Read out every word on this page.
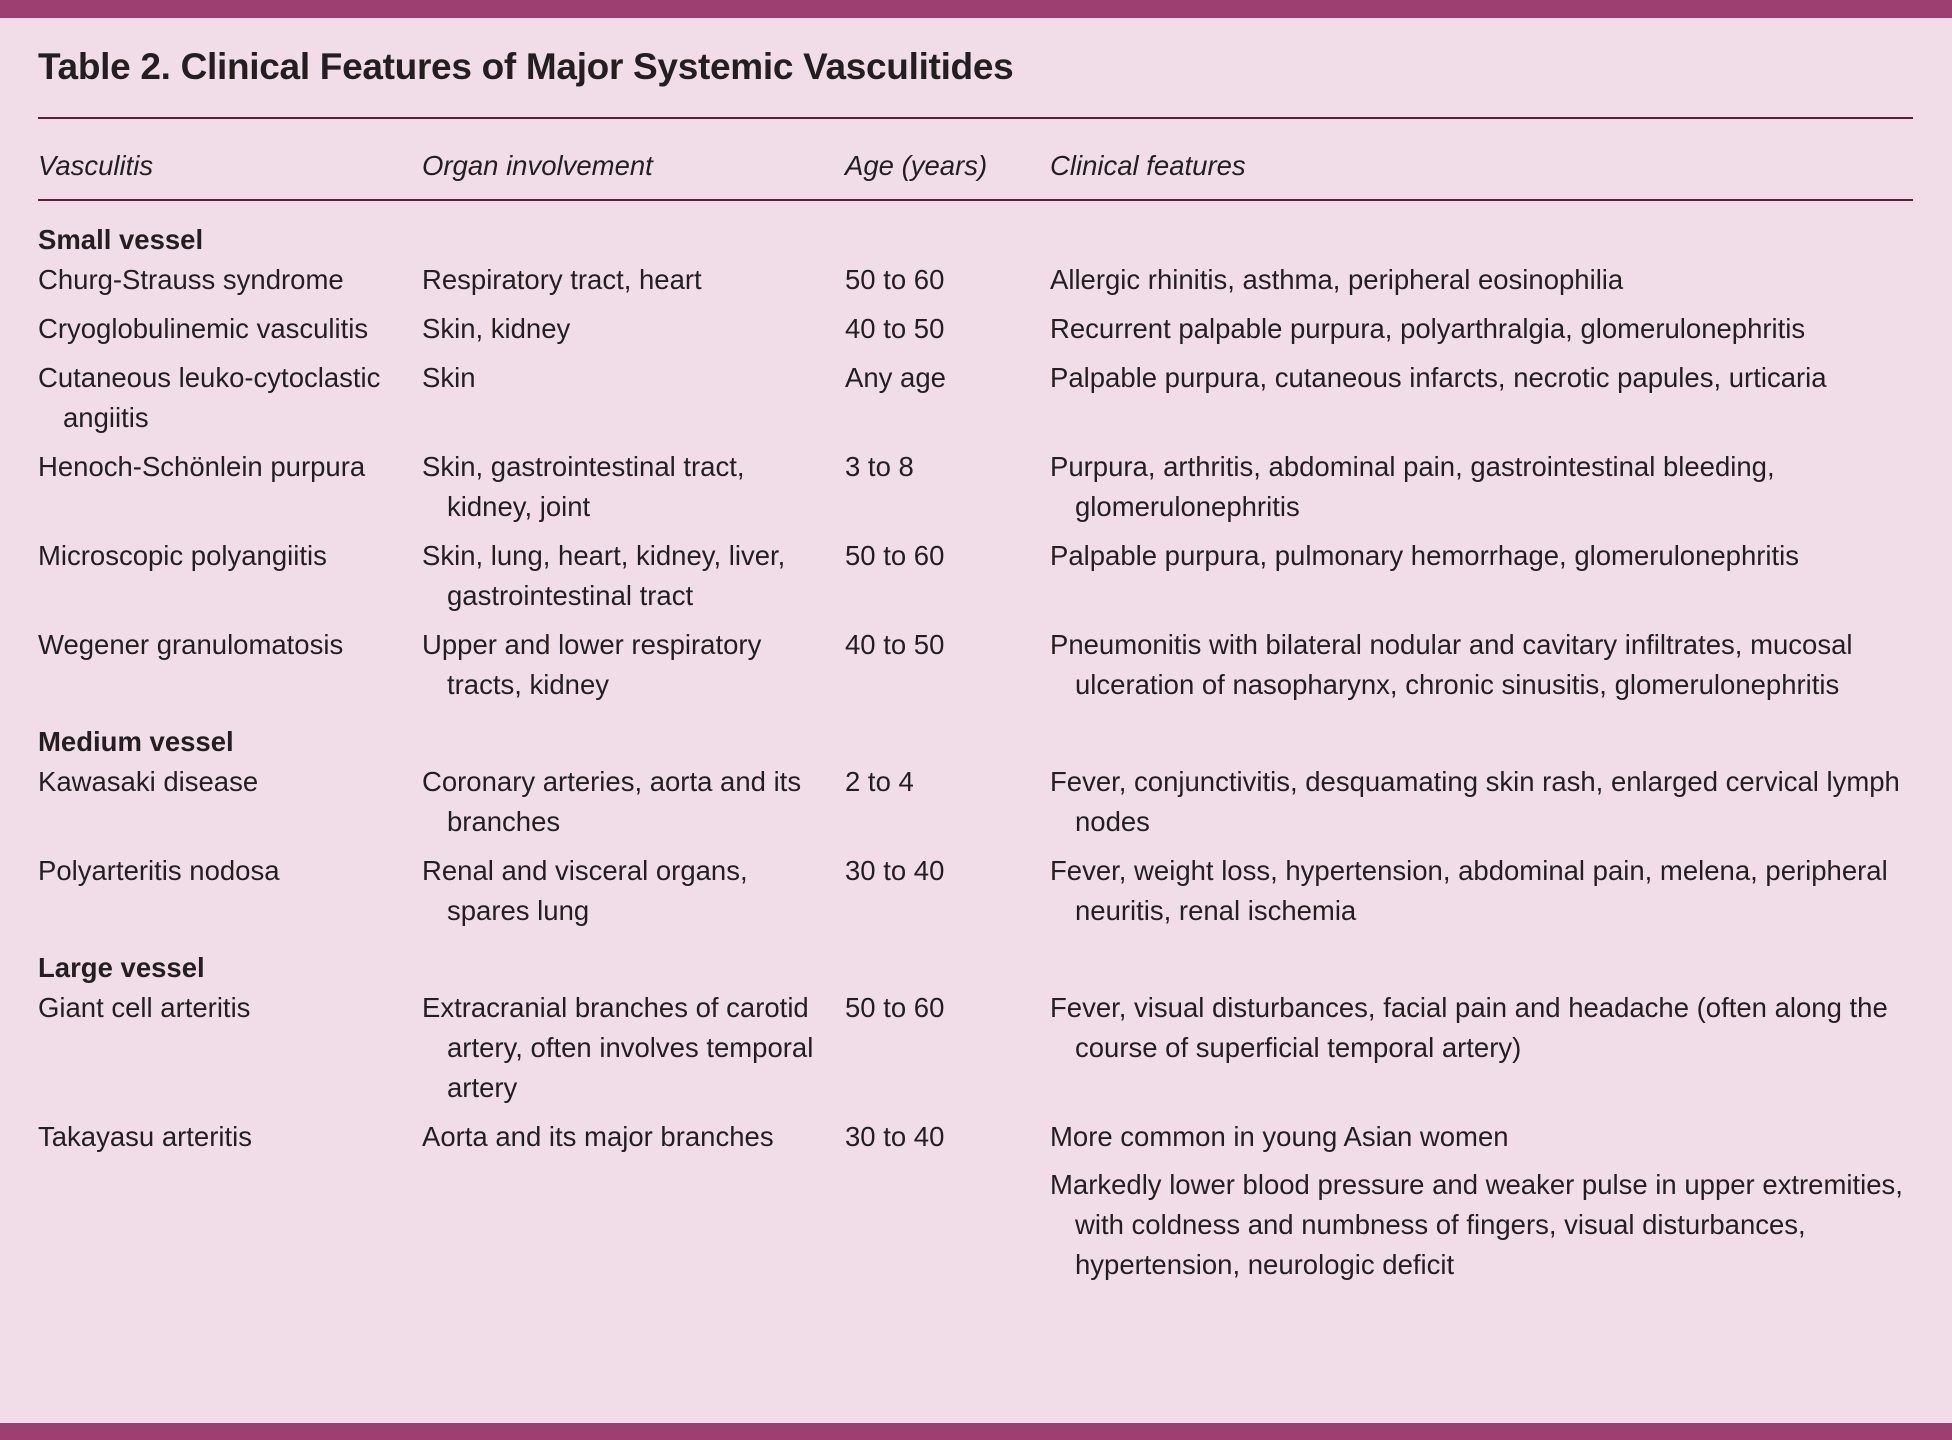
Table 2. Clinical Features of Major Systemic Vasculitides
Vasculitis	Organ involvement	Age (years)	Clinical features

Small vessel			
Churg-Strauss syndrome	Respiratory tract, heart	50 to 60	Allergic rhinitis, asthma, peripheral eosinophilia

Cryoglobulinemic vasculitis	Skin, kidney	40 to 50	Recurrent palpable purpura, polyarthralgia, glomerulonephritis

Cutaneous leuko-cytoclastic angiitis	Skin	Any age	Palpable purpura, cutaneous infarcts, necrotic papules, urticaria

Henoch-Schönlein purpura	Skin, gastrointestinal tract, kidney, joint	3 to 8	Purpura, arthritis, abdominal pain, gastrointestinal bleeding, glomerulonephritis

Microscopic polyangiitis	Skin, lung, heart, kidney, liver, gastrointestinal tract	50 to 60	Palpable purpura, pulmonary hemorrhage, glomerulonephritis

Wegener granulomatosis	Upper and lower respiratory tracts, kidney	40 to 50	Pneumonitis with bilateral nodular and cavitary infiltrates, mucosal ulceration of nasopharynx, chronic sinusitis, glomerulonephritis

Medium vessel			
Kawasaki disease	Coronary arteries, aorta and its branches	2 to 4	Fever, conjunctivitis, desquamating skin rash, enlarged cervical lymph nodes

Polyarteritis nodosa	Renal and visceral organs, spares lung	30 to 40	Fever, weight loss, hypertension, abdominal pain, melena, peripheral neuritis, renal ischemia

Large vessel			
Giant cell arteritis	Extracranial branches of carotid artery, often involves temporal artery	50 to 60	Fever, visual disturbances, facial pain and headache (often along the course of superficial temporal artery)

Takayasu arteritis	Aorta and its major branches	30 to 40	More common in young Asian women
Markedly lower blood pressure and weaker pulse in upper extremities, with coldness and numbness of fingers, visual disturbances, hypertension, neurologic deficit
